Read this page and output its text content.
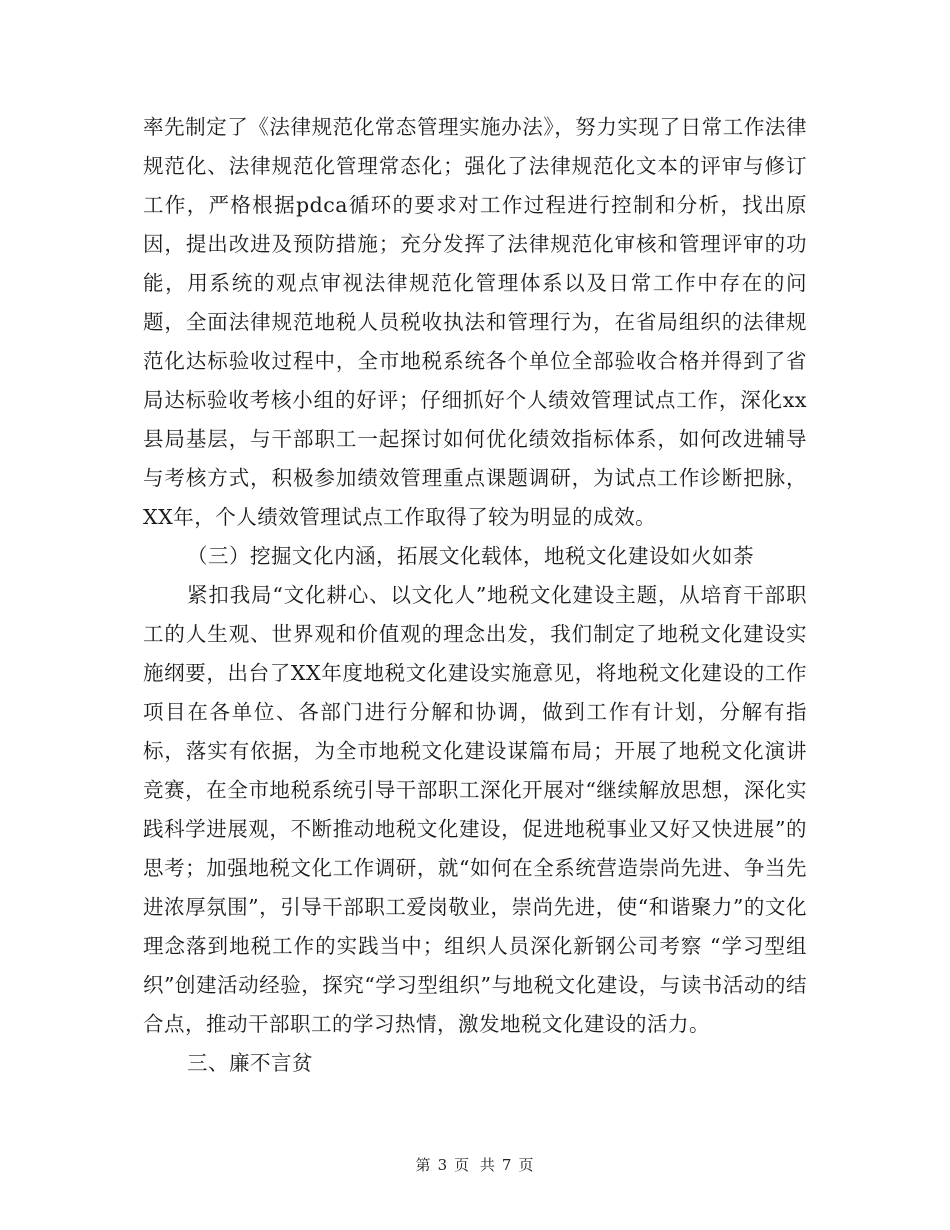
率先制定了《法律规范化常态管理实施办法》，努力实现了日常工作法律规范化、法律规范化管理常态化；强化了法律规范化文本的评审与修订工作，严格根据pdca循环的要求对工作过程进行控制和分析，找出原因，提出改进及预防措施；充分发挥了法律规范化审核和管理评审的功能，用系统的观点审视法律规范化管理体系以及日常工作中存在的问题，全面法律规范地税人员税收执法和管理行为，在省局组织的法律规范化达标验收过程中，全市地税系统各个单位全部验收合格并得到了省局达标验收考核小组的好评；仔细抓好个人绩效管理试点工作，深化xx县局基层，与干部职工一起探讨如何优化绩效指标体系，如何改进辅导与考核方式，积极参加绩效管理重点课题调研，为试点工作诊断把脉，XX年，个人绩效管理试点工作取得了较为明显的成效。

（三）挖掘文化内涵，拓展文化载体，地税文化建设如火如荼

紧扣我局“文化耕心、以文化人”地税文化建设主题，从培育干部职工的人生观、世界观和价值观的理念出发，我们制定了地税文化建设实施纲要，出台了XX年度地税文化建设实施意见，将地税文化建设的工作项目在各单位、各部门进行分解和协调，做到工作有计划，分解有指标，落实有依据，为全市地税文化建设谋篇布局；开展了地税文化演讲竞赛，在全市地税系统引导干部职工深化开展对“继续解放思想，深化实践科学进展观，不断推动地税文化建设，促进地税事业又好又快进展”的思考；加强地税文化工作调研，就“如何在全系统营造崇尚先进、争当先进浓厚氛围”，引导干部职工爱岗敬业，崇尚先进，使“和谐聚力”的文化理念落到地税工作的实践当中；组织人员深化新钢公司考察 “学习型组织”创建活动经验，探究“学习型组织”与地税文化建设，与读书活动的结合点，推动干部职工的学习热情，激发地税文化建设的活力。

三、廉不言贫

第 3 页 共 7 页
